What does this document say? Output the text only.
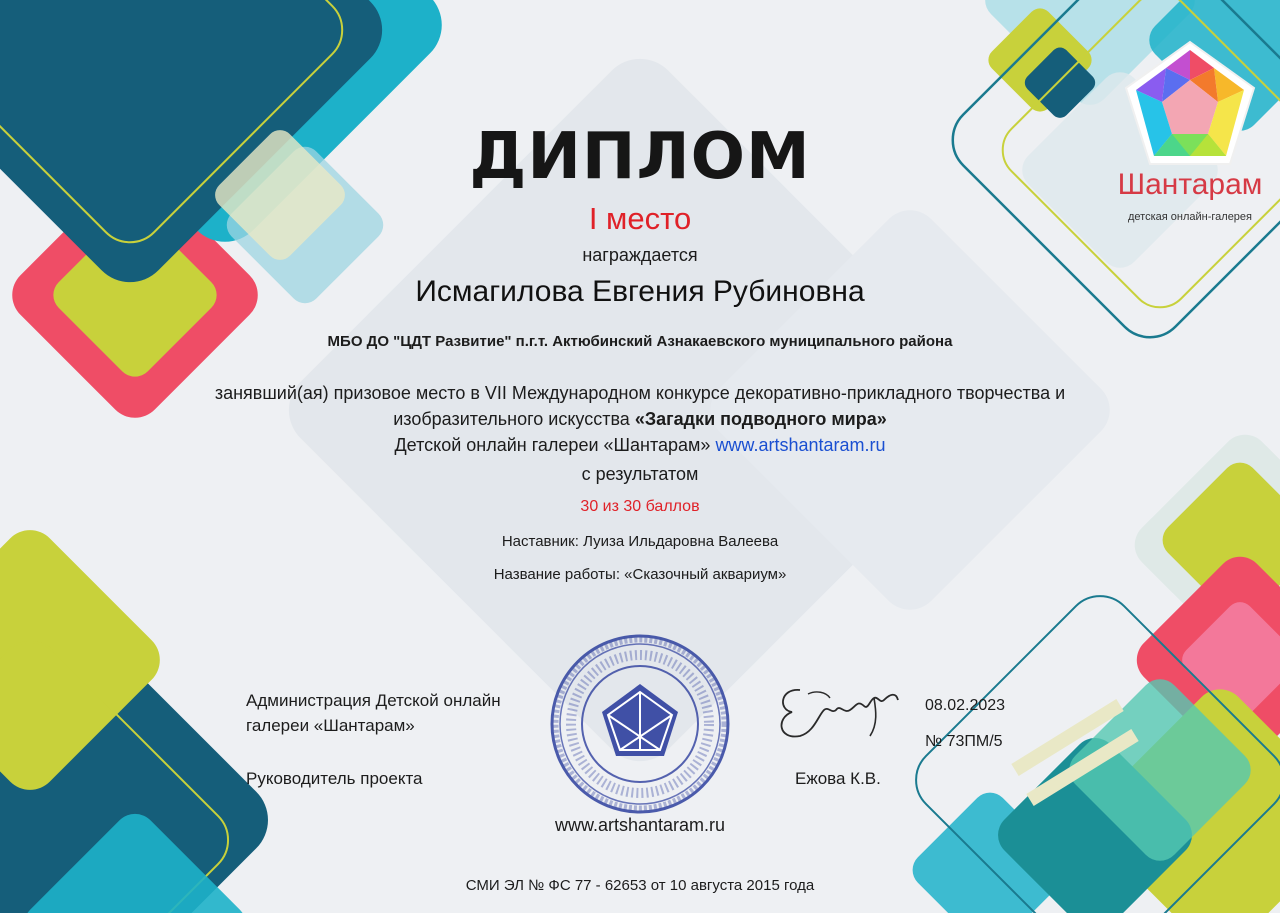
Шантарам
детская онлайн-галерея
ДИПЛОМ
I место
награждается
Исмагилова Евгения Рубиновна
МБО ДО "ЦДТ Развитие" п.г.т. Актюбинский Азнакаевского муниципального района
занявший(ая) призовое место в VII Международном конкурсе декоративно-прикладного творчества и
изобразительного искусства «Загадки подводного мира»
Детской онлайн галереи «Шантарам» www.artshantaram.ru
с результатом
30 из 30 баллов
Наставник: Луиза Ильдаровна Валеева
Название работы: «Сказочный аквариум»
Администрация Детской онлайн
галереи «Шантарам»
Руководитель проекта
08.02.2023
№ 73ПМ/5
Ежова К.В.
www.artshantaram.ru
СМИ ЭЛ № ФС 77 - 62653 от 10 августа 2015 года
